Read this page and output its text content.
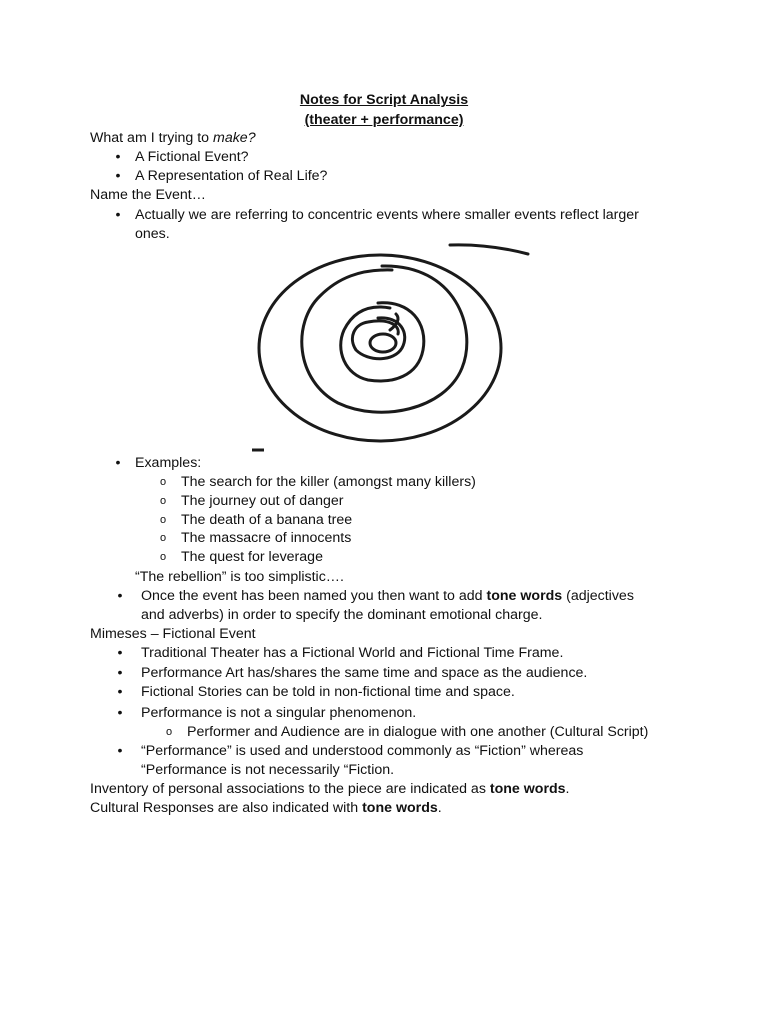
Notes for Script Analysis
(theater + performance)
What am I trying to make?
• A Fictional Event?
• A Representation of Real Life?
Name the Event…
• Actually we are referring to concentric events where smaller events reflect larger
ones.
• Examples:
o The search for the killer (amongst many killers)
o The journey out of danger
o The death of a banana tree
o The massacre of innocents
o The quest for leverage
“The rebellion” is too simplistic….
• Once the event has been named you then want to add tone words (adjectives
and adverbs) in order to specify the dominant emotional charge.
Mimeses – Fictional Event
• Traditional Theater has a Fictional World and Fictional Time Frame.
• Performance Art has/shares the same time and space as the audience.
• Fictional Stories can be told in non-fictional time and space.
• Performance is not a singular phenomenon.
o Performer and Audience are in dialogue with one another (Cultural Script)
• “Performance” is used and understood commonly as “Fiction” whereas
“Performance is not necessarily “Fiction.
Inventory of personal associations to the piece are indicated as tone words.
Cultural Responses are also indicated with tone words.
